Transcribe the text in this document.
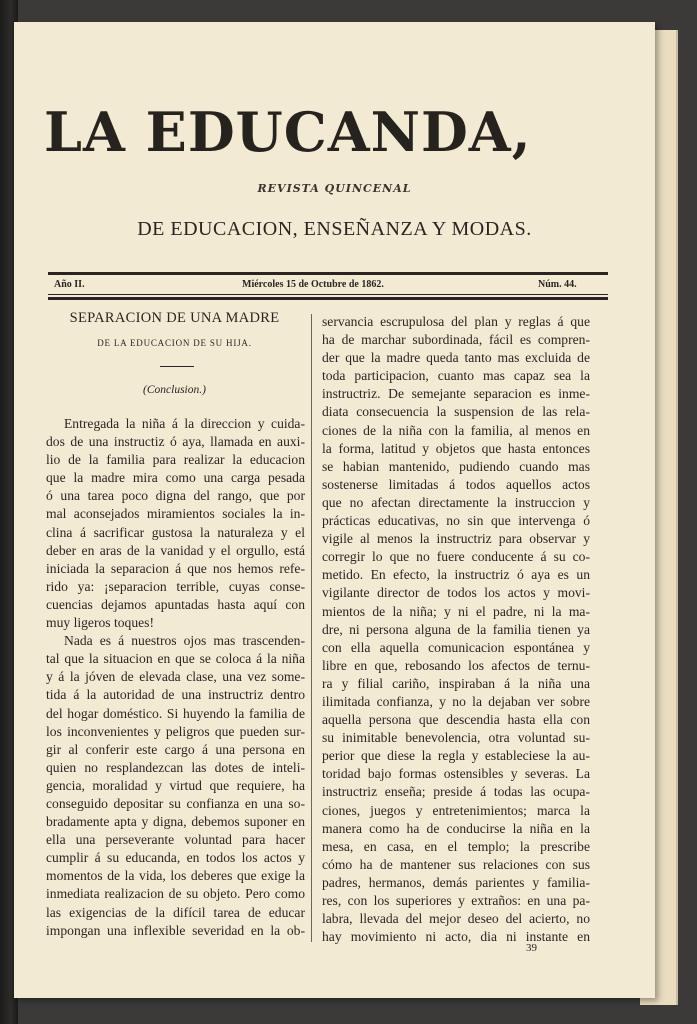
LA EDUCANDA,
REVISTA QUINCENAL
DE EDUCACION, ENSEÑANZA Y MODAS.
Año II.	Miércoles 15 de Octubre de 1862.	Núm. 44.
SEPARACION DE UNA MADRE
DE LA EDUCACION DE SU HIJA.
(Conclusion.)
Entregada la niña á la direccion y cuida-
dos de una instructiz ó aya, llamada en auxi-
lio de la familia para realizar la educacion
que la madre mira como una carga pesada
ó una tarea poco digna del rango, que por
mal aconsejados miramientos sociales la in-
clina á sacrificar gustosa la naturaleza y el
deber en aras de la vanidad y el orgullo, está
iniciada la separacion á que nos hemos refe-
rido ya: ¡separacion terrible, cuyas conse-
cuencias dejamos apuntadas hasta aquí con
muy ligeros toques!
Nada es á nuestros ojos mas trascenden-
tal que la situacion en que se coloca á la niña
y á la jóven de elevada clase, una vez some-
tida á la autoridad de una instructriz dentro
del hogar doméstico. Si huyendo la familia de
los inconvenientes y peligros que pueden sur-
gir al conferir este cargo á una persona en
quien no resplandezcan las dotes de inteli-
gencia, moralidad y virtud que requiere, ha
conseguido depositar su confianza en una so-
bradamente apta y digna, debemos suponer en
ella una perseverante voluntad para hacer
cumplir á su educanda, en todos los actos y
momentos de la vida, los deberes que exige la
inmediata realizacion de su objeto. Pero como
las exigencias de la difícil tarea de educar
impongan una inflexible severidad en la ob-
servancia escrupulosa del plan y reglas á que
ha de marchar subordinada, fácil es compren-
der que la madre queda tanto mas excluida de
toda participacion, cuanto mas capaz sea la
instructriz. De semejante separacion es inme-
diata consecuencia la suspension de las rela-
ciones de la niña con la familia, al menos en
la forma, latitud y objetos que hasta entonces
se habian mantenido, pudiendo cuando mas
sostenerse limitadas á todos aquellos actos
que no afectan directamente la instruccion y
prácticas educativas, no sin que intervenga ó
vigile al menos la instructriz para observar y
corregir lo que no fuere conducente á su co-
metido. En efecto, la instructriz ó aya es un
vigilante director de todos los actos y movi-
mientos de la niña; y ni el padre, ni la ma-
dre, ni persona alguna de la familia tienen ya
con ella aquella comunicacion espontánea y
libre en que, rebosando los afectos de ternu-
ra y filial cariño, inspiraban á la niña una
ilimitada confianza, y no la dejaban ver sobre
aquella persona que descendia hasta ella con
su inimitable benevolencia, otra voluntad su-
perior que diese la regla y estableciese la au-
toridad bajo formas ostensibles y severas. La
instructriz enseña; preside á todas las ocupa-
ciones, juegos y entretenimientos; marca la
manera como ha de conducirse la niña en la
mesa, en casa, en el templo; la prescribe
cómo ha de mantener sus relaciones con sus
padres, hermanos, demás parientes y familia-
res, con los superiores y extraños: en una pa-
labra, llevada del mejor deseo del acierto, no
hay movimiento ni acto, dia ni instante en
39
